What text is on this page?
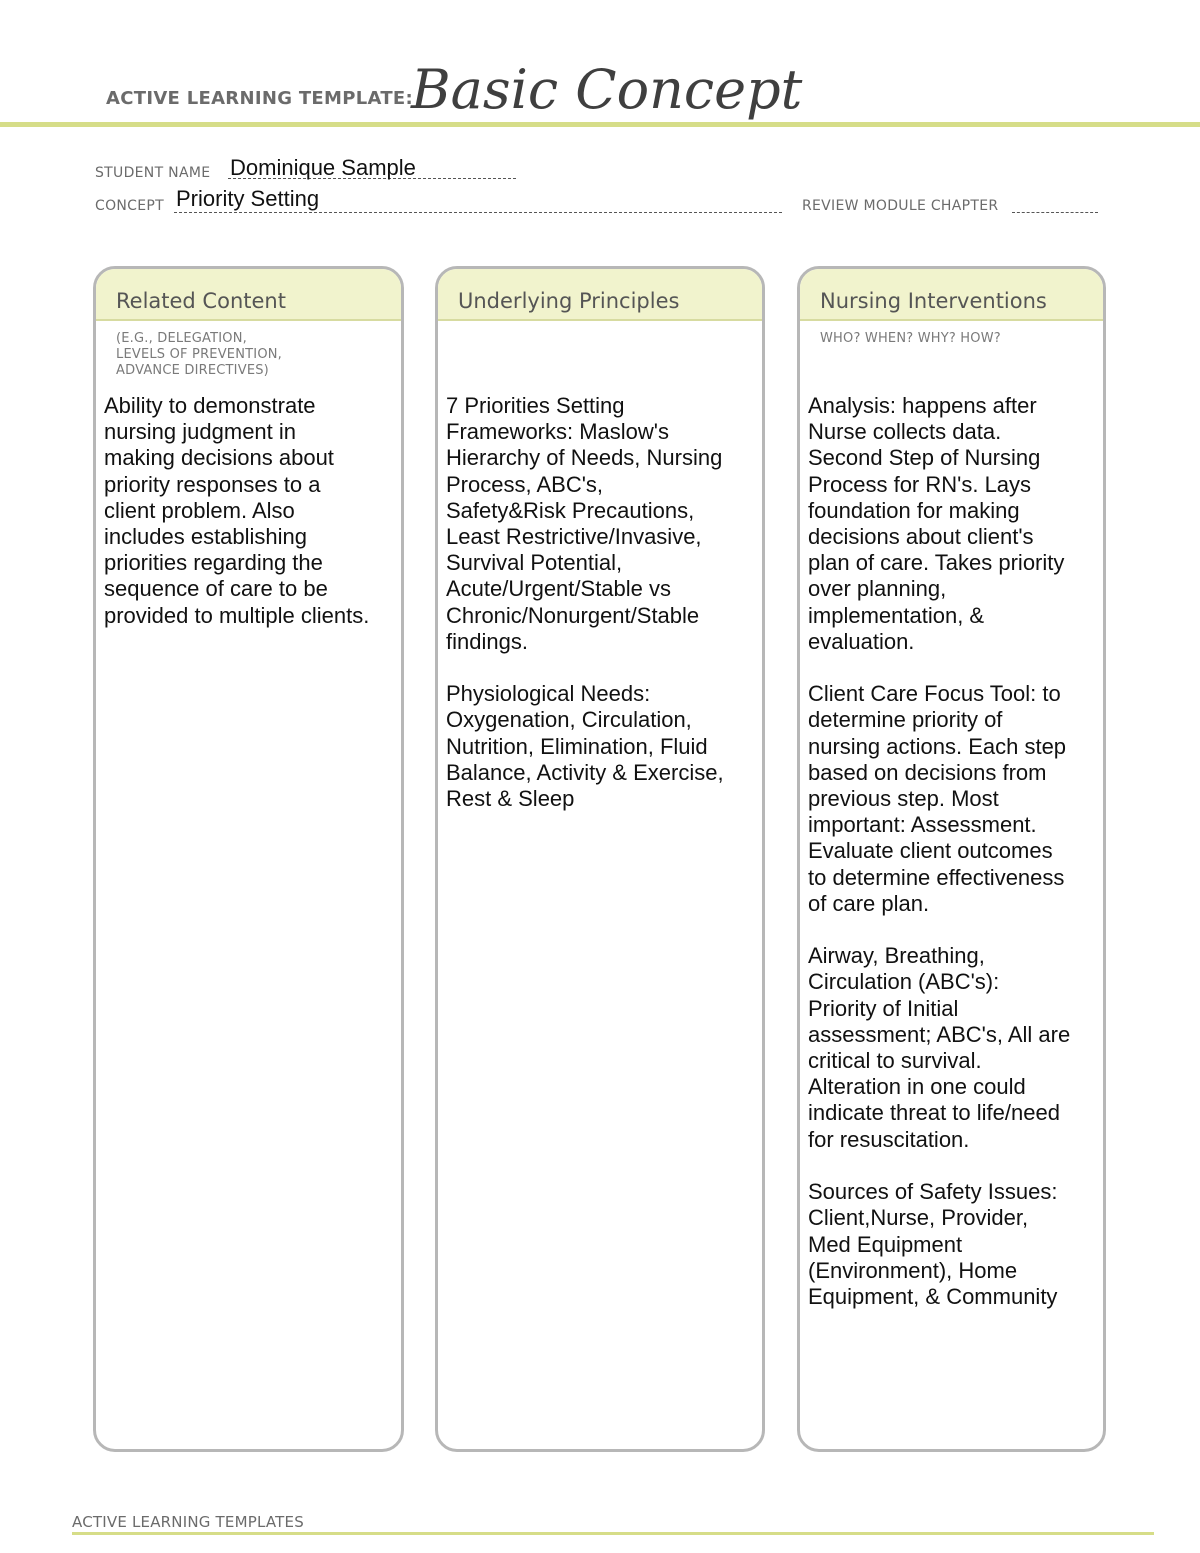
ACTIVE LEARNING TEMPLATE:
Basic Concept
STUDENT NAME Dominique Sample
CONCEPT Priority Setting	REVIEW MODULE CHAPTER
Related Content
(E.G., DELEGATION,
LEVELS OF PREVENTION,
ADVANCE DIRECTIVES)
Ability to demonstrate
nursing judgment in
making decisions about
priority responses to a
client problem. Also
includes establishing
priorities regarding the
sequence of care to be
provided to multiple clients.
Underlying Principles
7 Priorities Setting
Frameworks: Maslow's
Hierarchy of Needs, Nursing
Process, ABC's,
Safety&Risk Precautions,
Least Restrictive/Invasive,
Survival Potential,
Acute/Urgent/Stable vs
Chronic/Nonurgent/Stable
findings.

Physiological Needs:
Oxygenation, Circulation,
Nutrition, Elimination, Fluid
Balance, Activity & Exercise,
Rest & Sleep
Nursing Interventions
WHO? WHEN? WHY? HOW?
Analysis: happens after
Nurse collects data.
Second Step of Nursing
Process for RN's. Lays
foundation for making
decisions about client's
plan of care. Takes priority
over planning,
implementation, &
evaluation.

Client Care Focus Tool: to
determine priority of
nursing actions. Each step
based on decisions from
previous step. Most
important: Assessment.
Evaluate client outcomes
to determine effectiveness
of care plan.

Airway, Breathing,
Circulation (ABC's):
Priority of Initial
assessment; ABC's, All are
critical to survival.
Alteration in one could
indicate threat to life/need
for resuscitation.

Sources of Safety Issues:
Client,Nurse, Provider,
Med Equipment
(Environment), Home
Equipment, & Community
ACTIVE LEARNING TEMPLATES
